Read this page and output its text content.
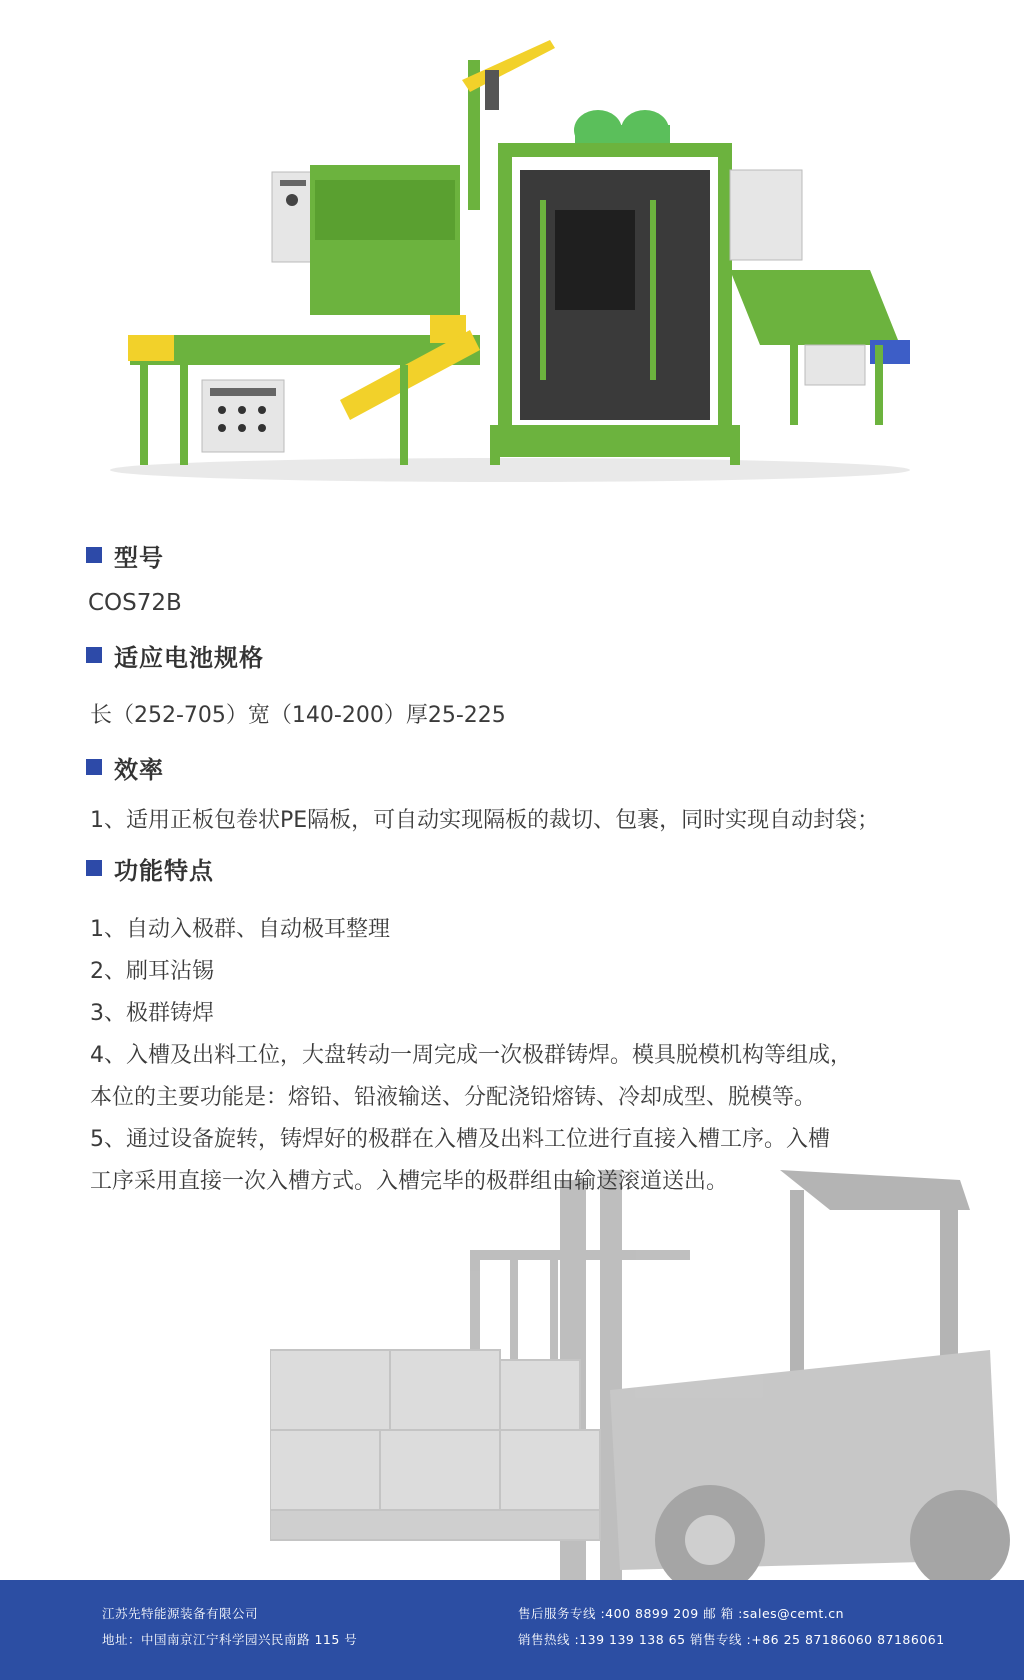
型号
COS72B
适应电池规格
长（252-705）宽（140-200）厚25-225
效率
1、适用正板包卷状PE隔板，可自动实现隔板的裁切、包裹，同时实现自动封袋；
功能特点
1、自动入极群、自动极耳整理
2、刷耳沾锡
3、极群铸焊
4、入槽及出料工位，大盘转动一周完成一次极群铸焊。模具脱模机构等组成，
本位的主要功能是：熔铅、铅液输送、分配浇铅熔铸、冷却成型、脱模等。
5、通过设备旋转，铸焊好的极群在入槽及出料工位进行直接入槽工序。入槽
工序采用直接一次入槽方式。入槽完毕的极群组由输送滚道送出。
江苏先特能源装备有限公司
地址：中国南京江宁科学园兴民南路 115 号
售后服务专线 :400 8899 209 邮 箱 :sales@cemt.cn
销售热线 :139 139 138 65 销售专线 :+86 25 87186060 87186061
